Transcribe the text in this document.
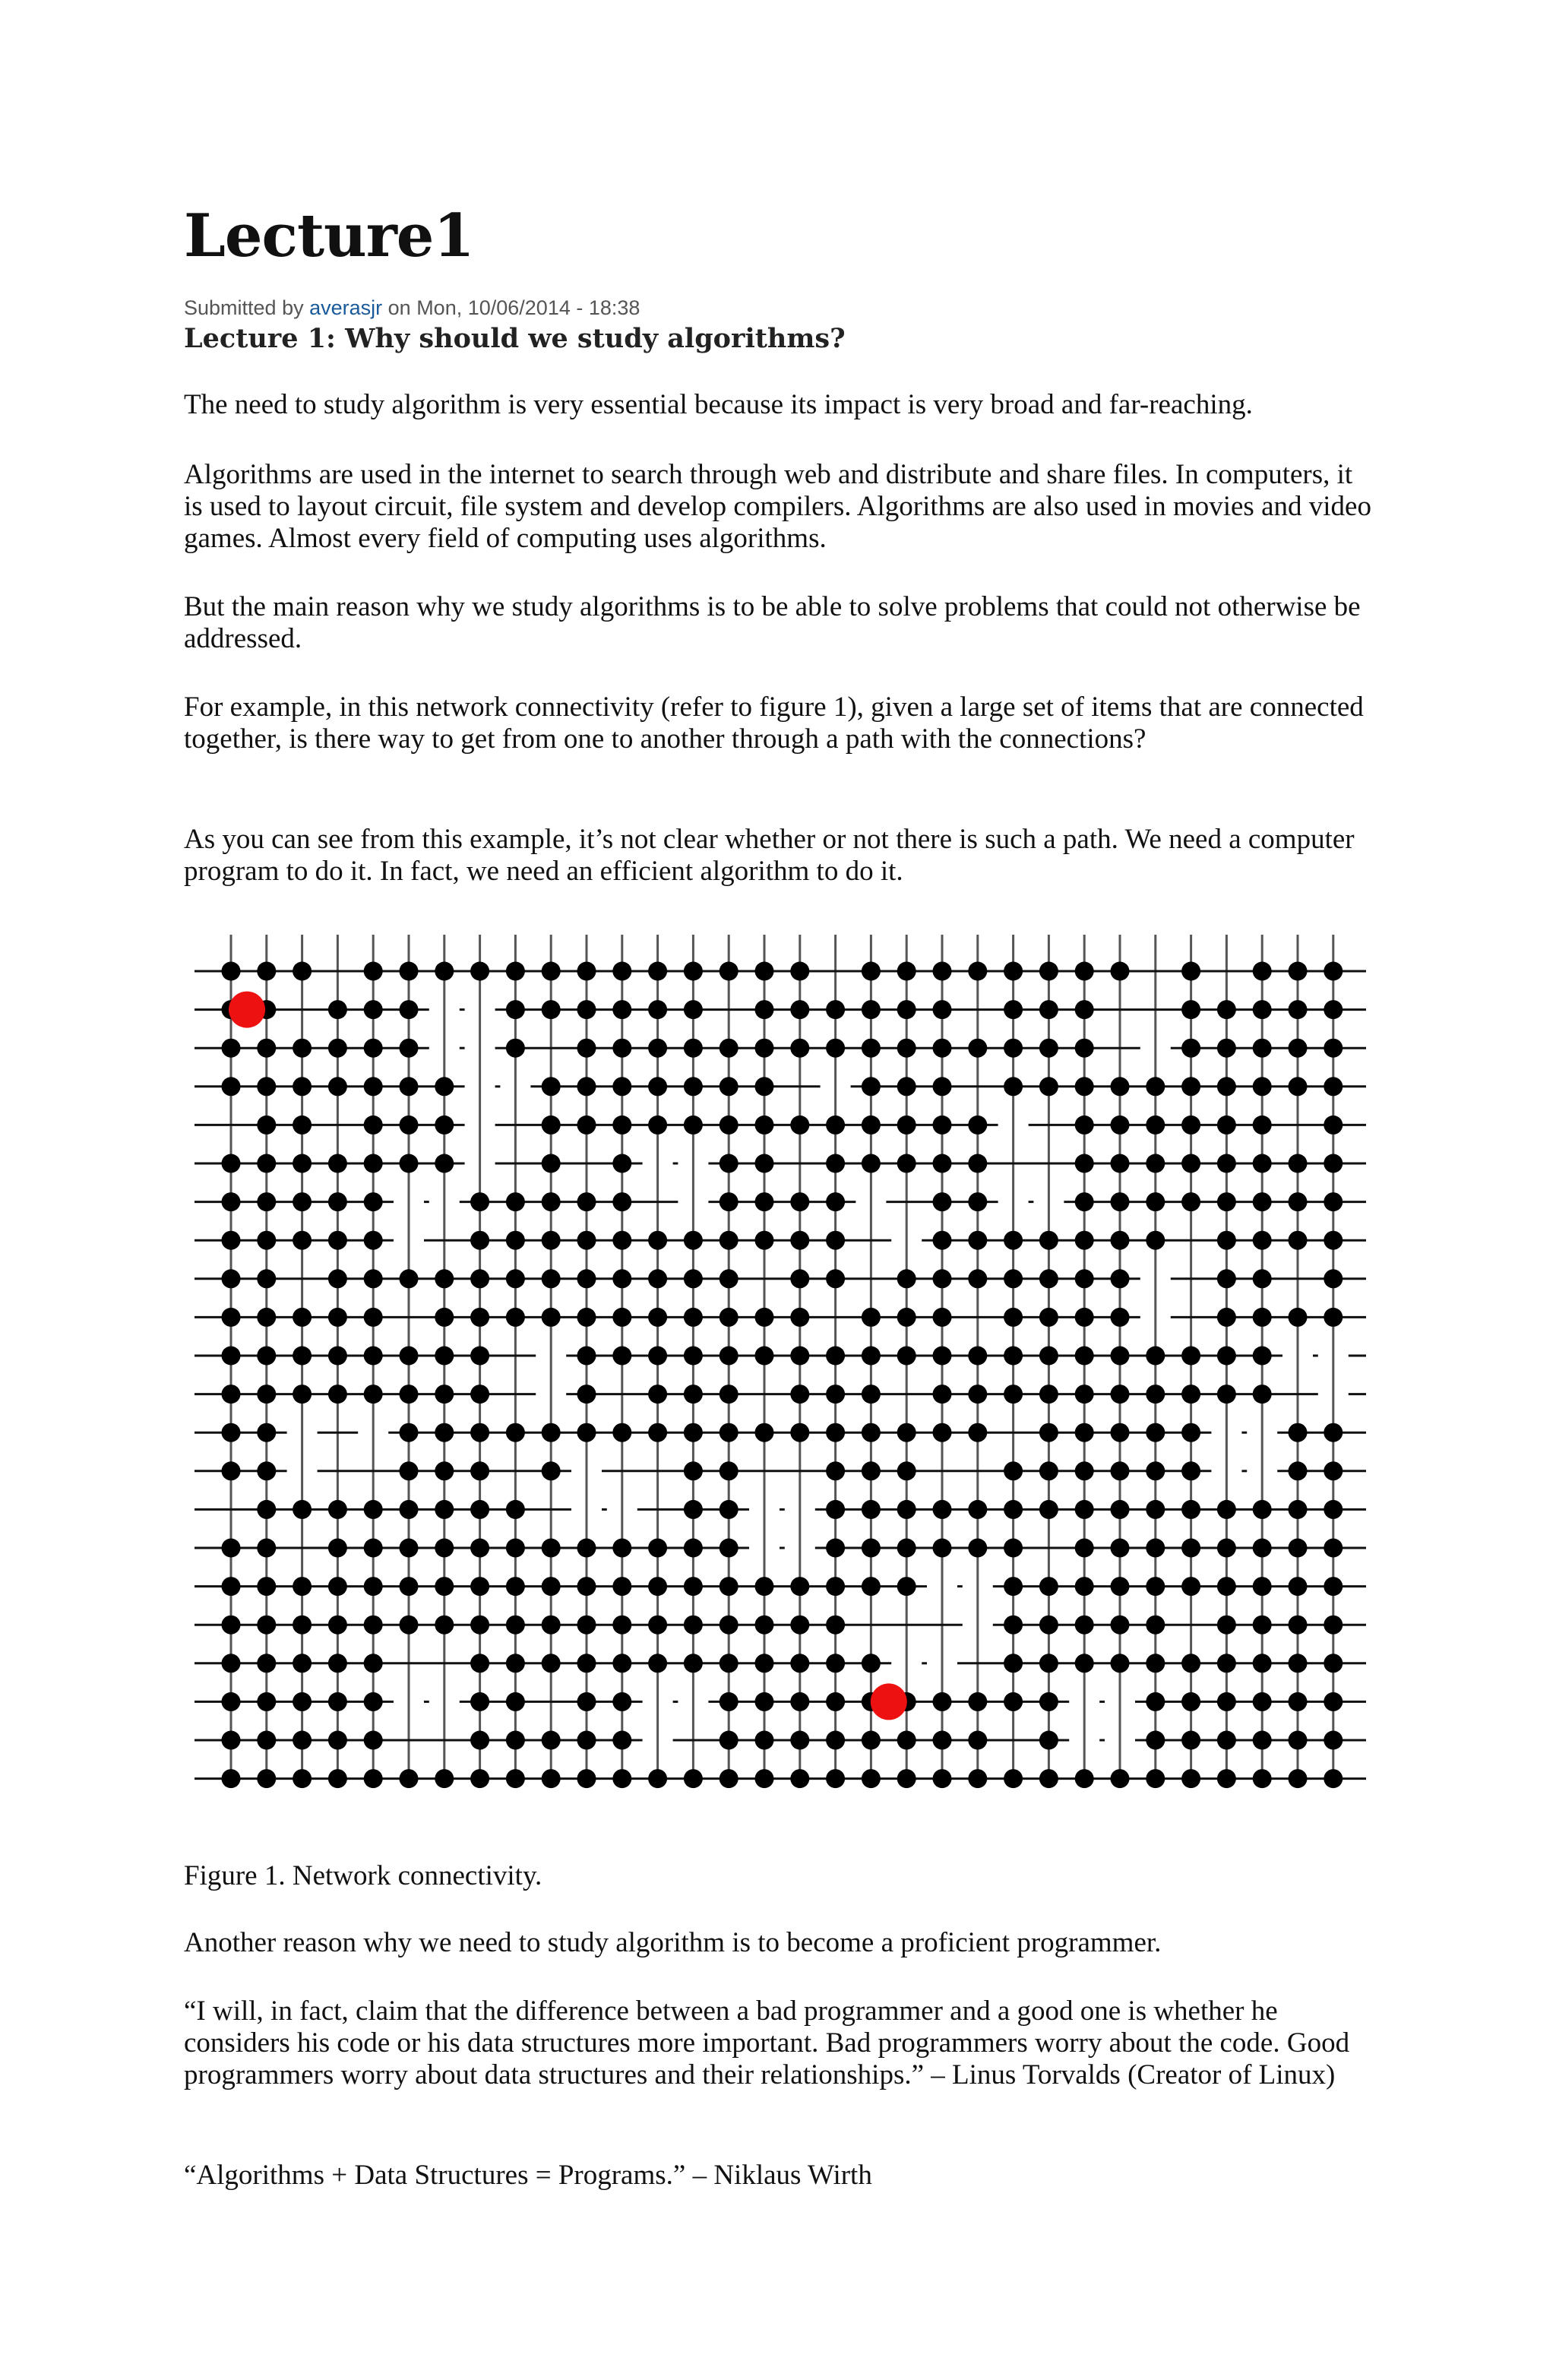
Lecture1
Submitted by averasjr on Mon, 10/06/2014 - 18:38
Lecture 1: Why should we study algorithms?

The need to study algorithm is very essential because its impact is very broad and far-reaching.

Algorithms are used in the internet to search through web and distribute and share files. In computers, it is used to layout circuit, file system and develop compilers. Algorithms are also used in movies and video games. Almost every field of computing uses algorithms.

But the main reason why we study algorithms is to be able to solve problems that could not otherwise be addressed.

For example, in this network connectivity (refer to figure 1), given a large set of items that are connected together, is there way to get from one to another through a path with the connections?

As you can see from this example, it’s not clear whether or not there is such a path. We need a computer program to do it. In fact, we need an efficient algorithm to do it.

Figure 1. Network connectivity.

Another reason why we need to study algorithm is to become a proficient programmer.

“I will, in fact, claim that the difference between a bad programmer and a good one is whether he considers his code or his data structures more important. Bad programmers worry about the code. Good programmers worry about data structures and their relationships.” – Linus Torvalds (Creator of Linux)

“Algorithms + Data Structures = Programs.” – Niklaus Wirth
